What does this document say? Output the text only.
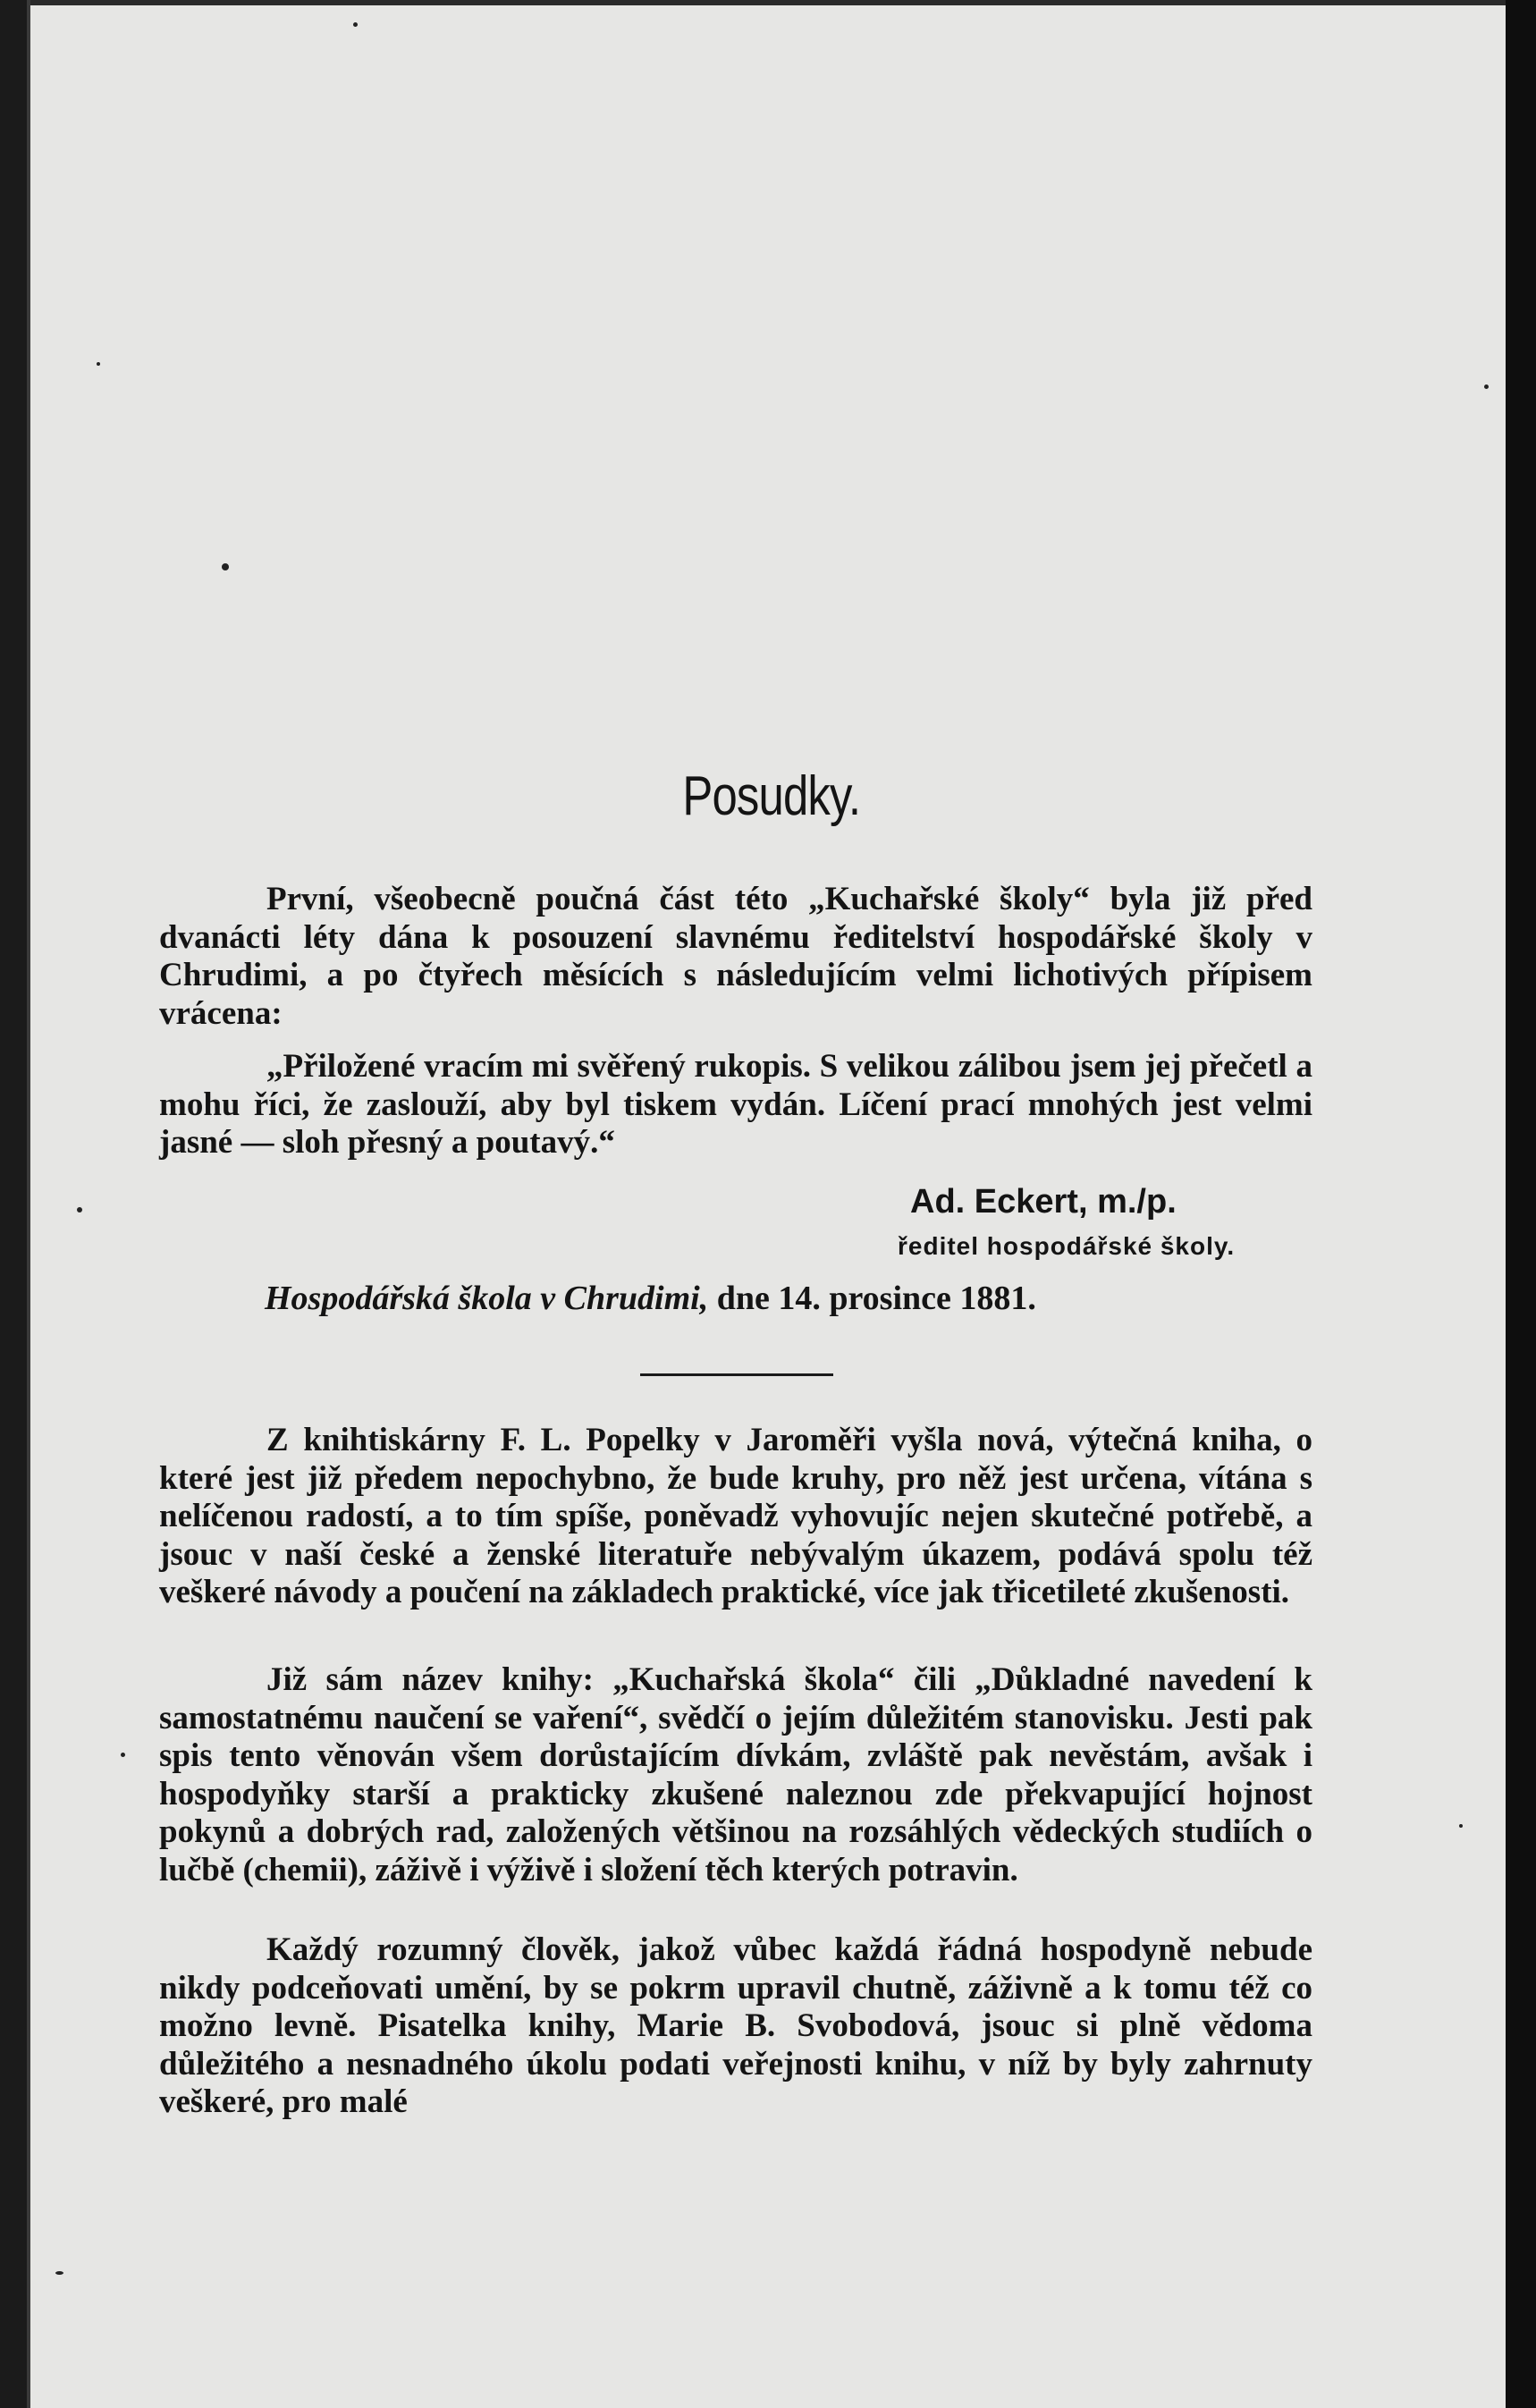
Posudky.

První, všeobecně poučná část této „Kuchařské školy“ byla již před dvanácti léty dána k posouzení slavnému ředitelství hospodářské školy v Chrudimi, a po čtyřech měsících s následujícím velmi lichotivých přípisem vrácena:

„Přiložené vracím mi svěřený rukopis. S velikou zálibou jsem jej přečetl a mohu říci, že zaslouží, aby byl tiskem vydán. Líčení prací mnohých jest velmi jasné — sloh přesný a poutavý.“

Ad. Eckert, m./p.

ředitel hospodářské školy.

Hospodářská škola v Chrudimi, dne 14. prosince 1881.

Z knihtiskárny F. L. Popelky v Jaroměři vyšla nová, výtečná kniha, o které jest již předem nepochybno, že bude kruhy, pro něž jest určena, vítána s nelíčenou radostí, a to tím spíše, poněvadž vyhovujíc nejen skutečné potřebě, a jsouc v naší české a ženské literatuře nebývalým úkazem, podává spolu též veškeré návody a poučení na základech praktické, více jak třicetileté zkušenosti.

Již sám název knihy: „Kuchařská škola“ čili „Důkladné navedení k samostatnému naučení se vaření“, svědčí o jejím důležitém stanovisku. Jesti pak spis tento věnován všem dorůstajícím dívkám, zvláště pak nevěstám, avšak i hospodyňky starší a prakticky zkušené naleznou zde překvapující hojnost pokynů a dobrých rad, založených většinou na rozsáhlých vědeckých studiích o lučbě (chemii), záživě i výživě i složení těch kterých potravin.

Každý rozumný člověk, jakož vůbec každá řádná hospodyně nebude nikdy podceňovati umění, by se pokrm upravil chutně, záživně a k tomu též co možno levně. Pisatelka knihy, Marie B. Svobodová, jsouc si plně vědoma důležitého a nesnadného úkolu podati veřejnosti knihu, v níž by byly zahrnuty veškeré, pro malé
